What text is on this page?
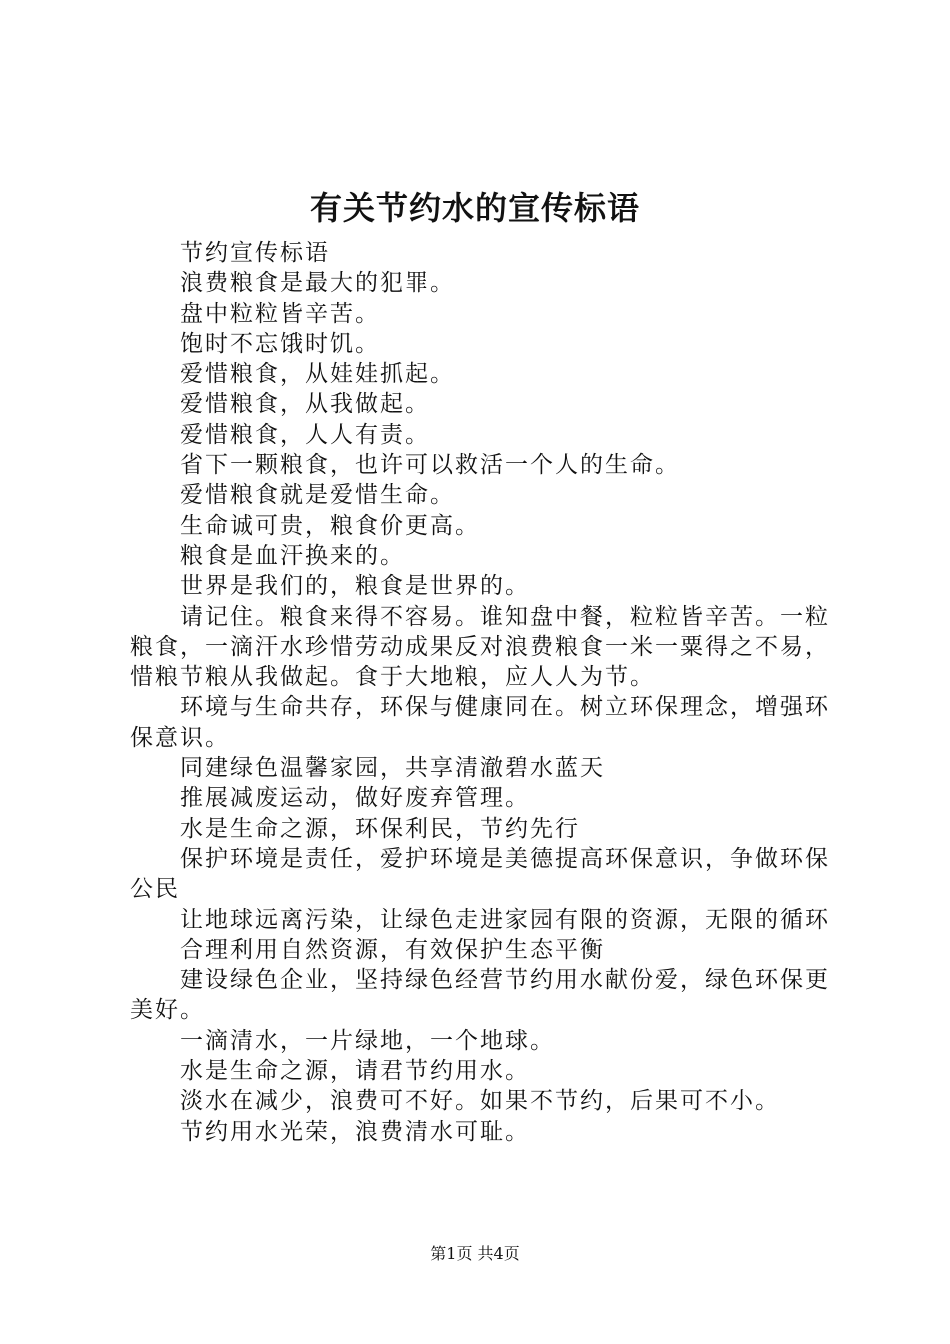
有关节约水的宣传标语

节约宣传标语

浪费粮食是最大的犯罪。

盘中粒粒皆辛苦。

饱时不忘饿时饥。

爱惜粮食，从娃娃抓起。

爱惜粮食，从我做起。

爱惜粮食，人人有责。

省下一颗粮食，也许可以救活一个人的生命。

爱惜粮食就是爱惜生命。

生命诚可贵，粮食价更高。

粮食是血汗换来的。

世界是我们的，粮食是世界的。

请记住。粮食来得不容易。谁知盘中餐，粒粒皆辛苦。一粒粮食，一滴汗水珍惜劳动成果反对浪费粮食一米一粟得之不易，惜粮节粮从我做起。食于大地粮，应人人为节。

环境与生命共存，环保与健康同在。树立环保理念，增强环保意识。

同建绿色温馨家园，共享清澈碧水蓝天

推展减废运动，做好废弃管理。

水是生命之源，环保利民，节约先行

保护环境是责任，爱护环境是美德提高环保意识，争做环保公民

让地球远离污染，让绿色走进家园有限的资源，无限的循环

合理利用自然资源，有效保护生态平衡

建设绿色企业，坚持绿色经营节约用水献份爱，绿色环保更美好。

一滴清水，一片绿地，一个地球。

水是生命之源，请君节约用水。

淡水在减少，浪费可不好。如果不节约，后果可不小。

节约用水光荣，浪费清水可耻。

第1页 共4页
